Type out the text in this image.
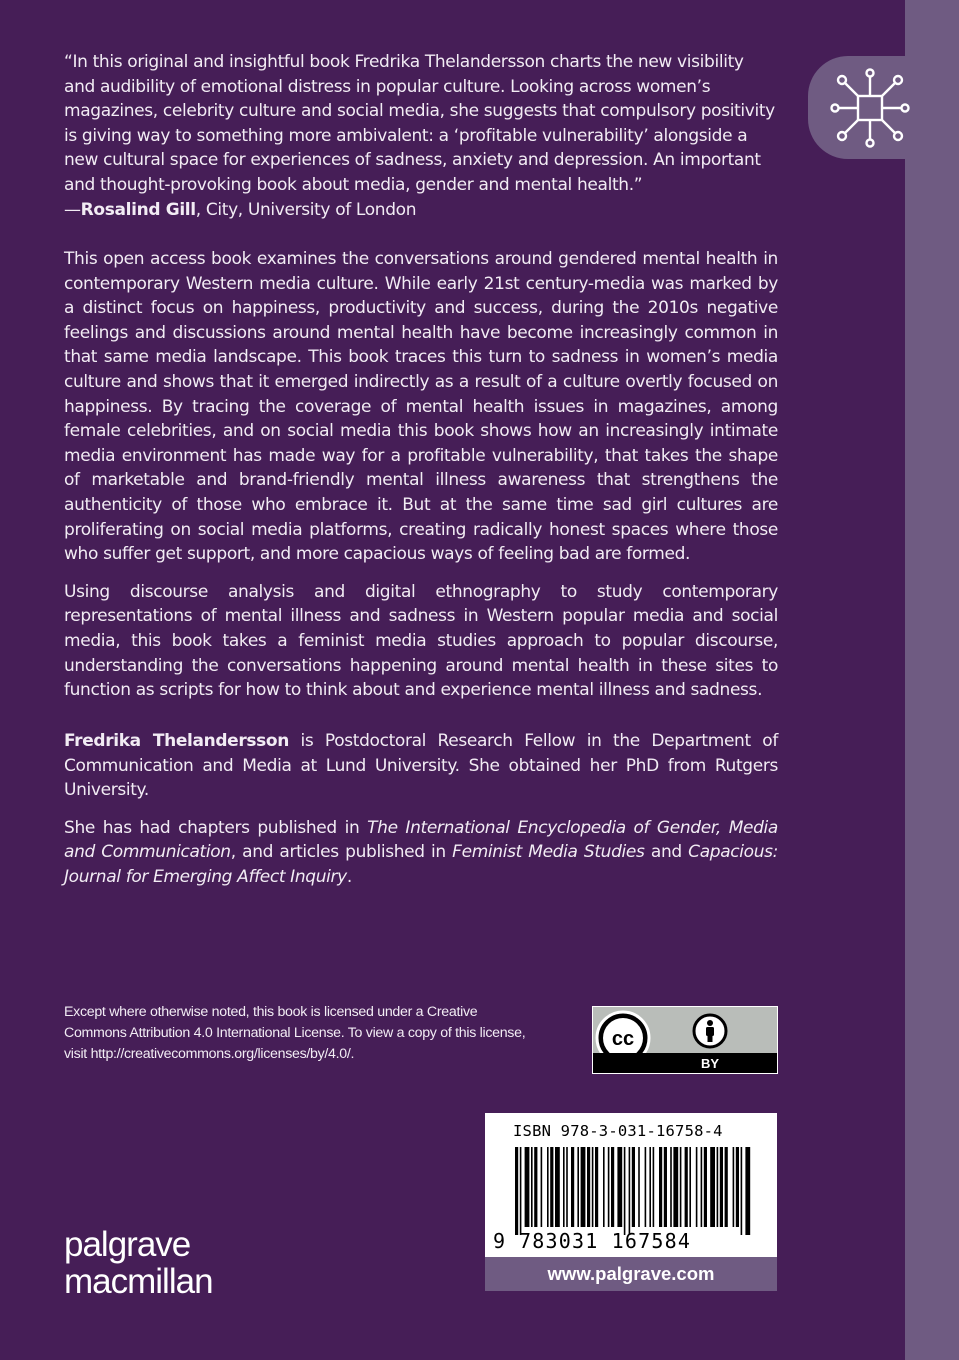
“In this original and insightful book Fredrika Thelandersson charts the new visibility and audibility of emotional distress in popular culture. Looking across women’s magazines, celebrity culture and social media, she suggests that compulsory positivity is giving way to something more ambivalent: a ‘profitable vulnerability’ alongside a new cultural space for experiences of sadness, anxiety and depression. An important and thought-provoking book about media, gender and mental health.”

—Rosalind Gill, City, University of London

This open access book examines the conversations around gendered mental health in contemporary Western media culture. While early 21st century-media was marked by a distinct focus on happiness, productivity and success, during the 2010s negative feelings and discussions around mental health have become increasingly common in that same media landscape. This book traces this turn to sadness in women’s media culture and shows that it emerged indirectly as a result of a culture overtly focused on happiness. By tracing the coverage of mental health issues in magazines, among female celebrities, and on social media this book shows how an increasingly intimate media environment has made way for a profitable vulnerability, that takes the shape of marketable and brand-friendly mental illness awareness that strengthens the authenticity of those who embrace it. But at the same time sad girl cultures are proliferating on social media platforms, creating radically honest spaces where those who suffer get support, and more capacious ways of feeling bad are formed.

Using discourse analysis and digital ethnography to study contemporary representations of mental illness and sadness in Western popular media and social media, this book takes a feminist media studies approach to popular discourse, understanding the conversations happening around mental health in these sites to function as scripts for how to think about and experience mental illness and sadness.

Fredrika Thelandersson is Postdoctoral Research Fellow in the Department of Communication and Media at Lund University. She obtained her PhD from Rutgers University.

She has had chapters published in The International Encyclopedia of Gender, Media and Communication, and articles published in Feminist Media Studies and Capacious: Journal for Emerging Affect Inquiry.

Except where otherwise noted, this book is licensed under a Creative Commons Attribution 4.0 International License. To view a copy of this license, visit http://creativecommons.org/licenses/by/4.0/.
cc
BY
ISBN 978-3-031-16758-4
9 783031 167584
www.palgrave.com
palgrave
macmillan
